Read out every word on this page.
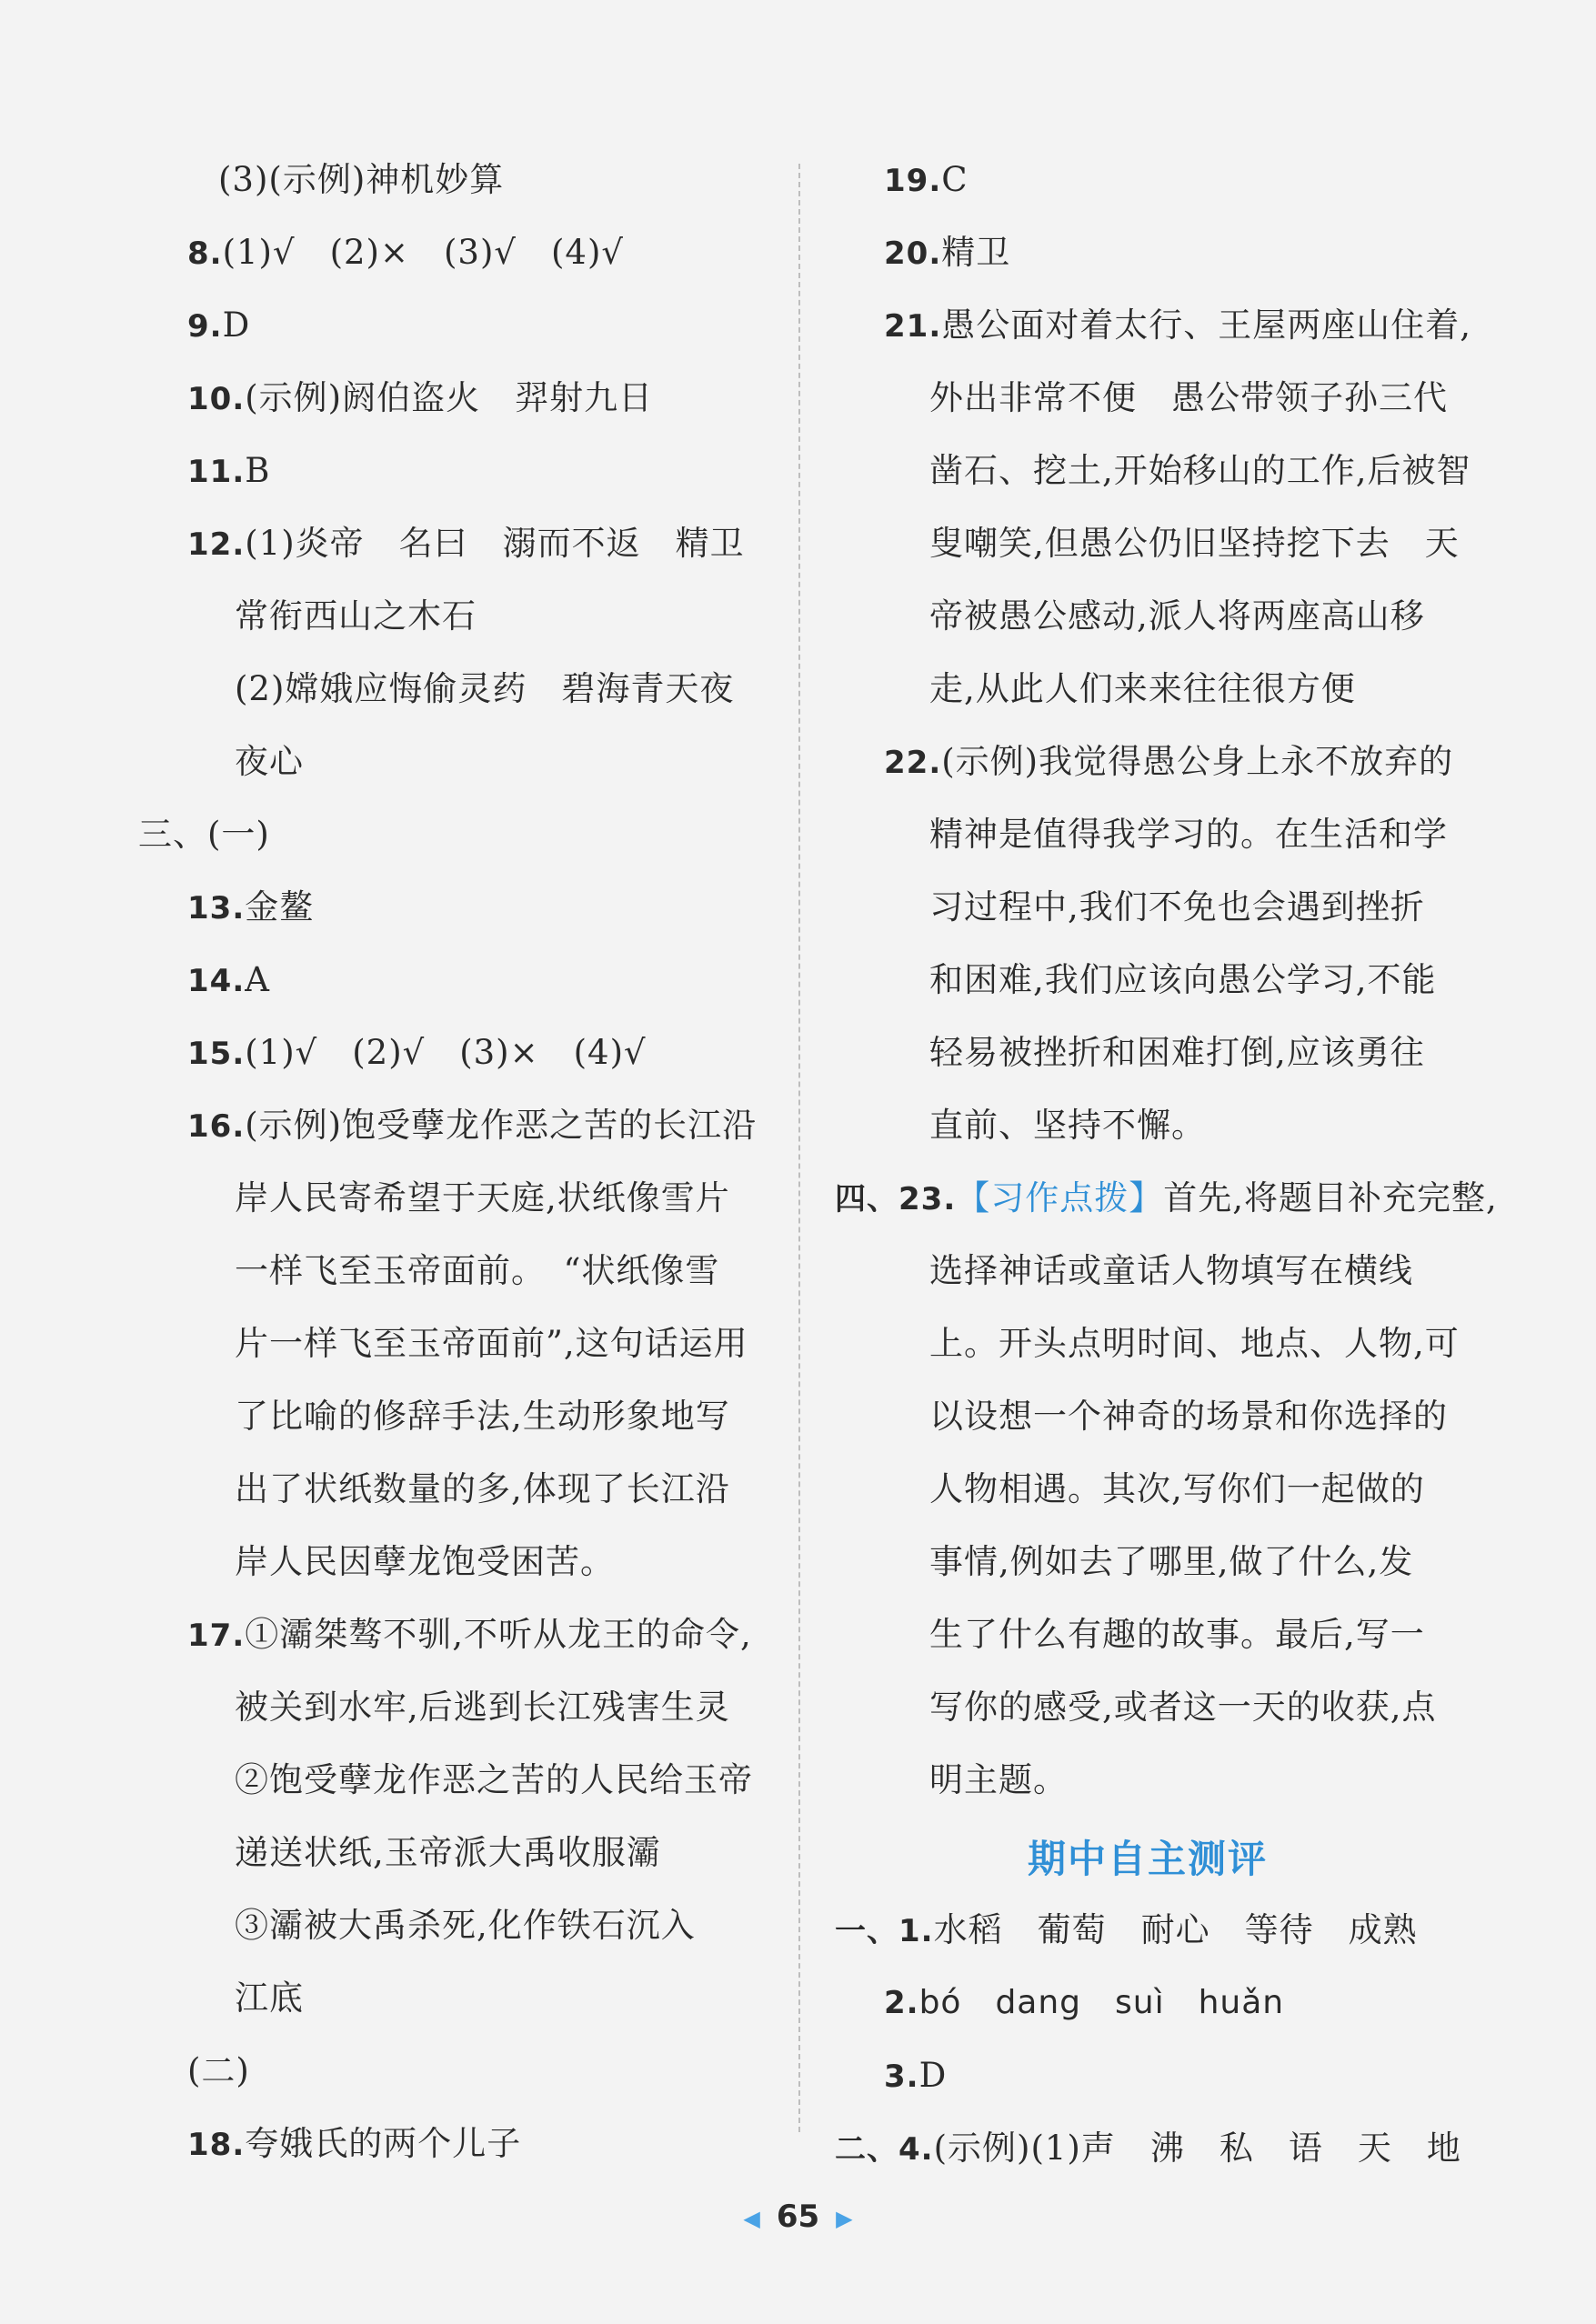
(3)(示例)神机妙算
8.(1)√　(2)×　(3)√　(4)√
9.D
10.(示例)阏伯盗火　羿射九日
11.B
12.(1)炎帝　名曰　溺而不返　精卫
常衔西山之木石
(2)嫦娥应悔偷灵药　碧海青天夜
夜心
三、(一)
13.金鳌
14.A
15.(1)√　(2)√　(3)×　(4)√
16.(示例)饱受孽龙作恶之苦的长江沿
岸人民寄希望于天庭,状纸像雪片
一样飞至玉帝面前。　“状纸像雪
片一样飞至玉帝面前”,这句话运用
了比喻的修辞手法,生动形象地写
出了状纸数量的多,体现了长江沿
岸人民因孽龙饱受困苦。
17.①灞桀骜不驯,不听从龙王的命令,
被关到水牢,后逃到长江残害生灵
②饱受孽龙作恶之苦的人民给玉帝
递送状纸,玉帝派大禹收服灞
③灞被大禹杀死,化作铁石沉入
江底
(二)
18.夸娥氏的两个儿子
19.C
20.精卫
21.愚公面对着太行、王屋两座山住着,
外出非常不便　愚公带领子孙三代
凿石、挖土,开始移山的工作,后被智
叟嘲笑,但愚公仍旧坚持挖下去　天
帝被愚公感动,派人将两座高山移
走,从此人们来来往往很方便
22.(示例)我觉得愚公身上永不放弃的
精神是值得我学习的。在生活和学
习过程中,我们不免也会遇到挫折
和困难,我们应该向愚公学习,不能
轻易被挫折和困难打倒,应该勇往
直前、坚持不懈。
四、23.【习作点拨】首先,将题目补充完整,
选择神话或童话人物填写在横线
上。开头点明时间、地点、人物,可
以设想一个神奇的场景和你选择的
人物相遇。其次,写你们一起做的
事情,例如去了哪里,做了什么,发
生了什么有趣的故事。最后,写一
写你的感受,或者这一天的收获,点
明主题。
期中自主测评
一、1.水稻　葡萄　耐心　等待　成熟
2.bó　dang　suì　huǎn
3.D
二、4.(示例)(1)声　沸　私　语　天　地
◀ 65 ▶
